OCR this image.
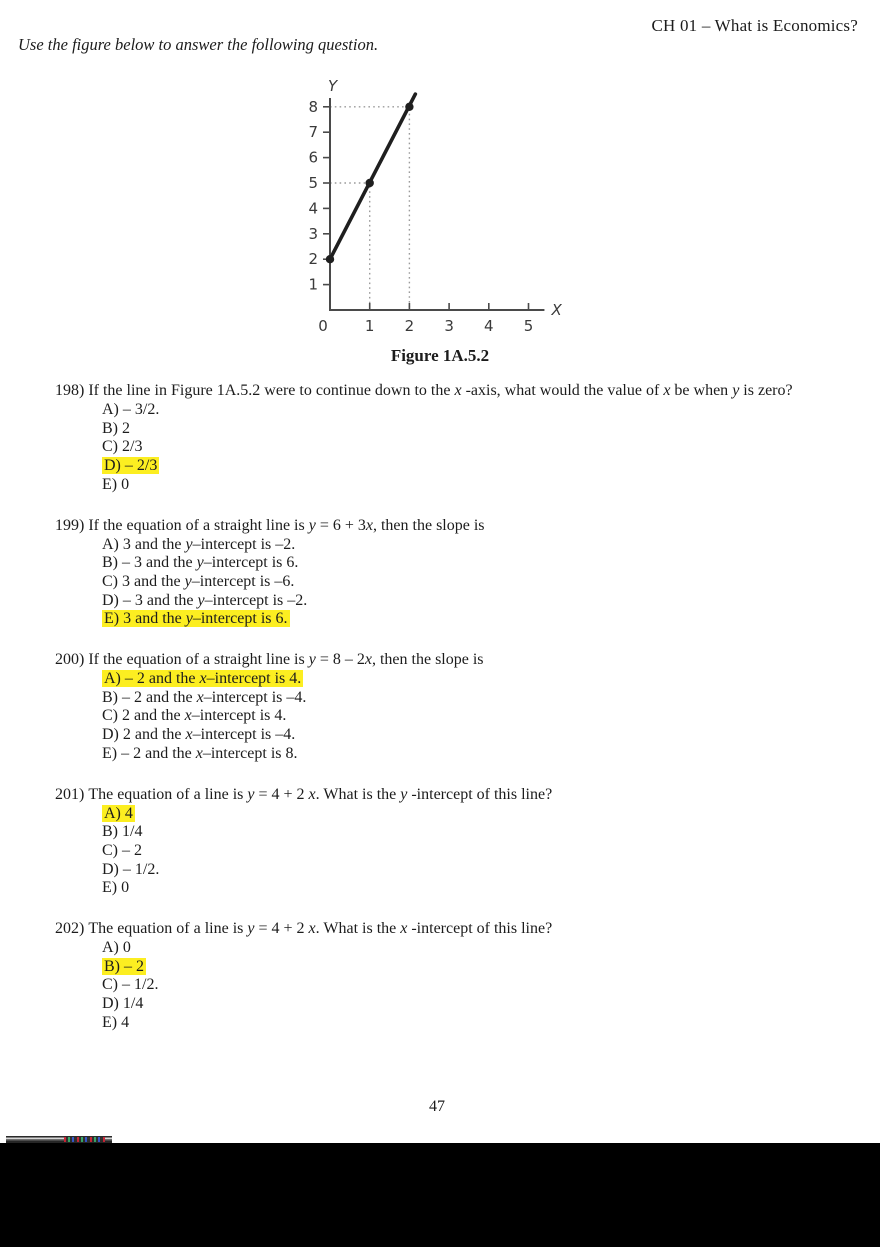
CH 01 – What is Economics?
Use the figure below to answer the following question.
1
2
3
4
5
6
7
8
0 1 2 3 4 5
Y
X
Figure 1A.5.2
198) If the line in Figure 1A.5.2 were to continue down to the x -axis, what would the value of x be when y is zero?
A) – 3/2.
B) 2
C) 2/3
D) – 2/3
E) 0
199) If the equation of a straight line is y = 6 + 3x, then the slope is
A) 3 and the y–intercept is –2.
B) – 3 and the y–intercept is 6.
C) 3 and the y–intercept is –6.
D) – 3 and the y–intercept is –2.
E) 3 and the y–intercept is 6.
200) If the equation of a straight line is y = 8 – 2x, then the slope is
A) – 2 and the x–intercept is 4.
B) – 2 and the x–intercept is –4.
C) 2 and the x–intercept is 4.
D) 2 and the x–intercept is –4.
E) – 2 and the x–intercept is 8.
201) The equation of a line is y = 4 + 2 x. What is the y -intercept of this line?
A) 4
B) 1/4
C) – 2
D) – 1/2.
E) 0
202) The equation of a line is y = 4 + 2 x. What is the x -intercept of this line?
A) 0
B) – 2
C) – 1/2.
D) 1/4
E) 4
47
